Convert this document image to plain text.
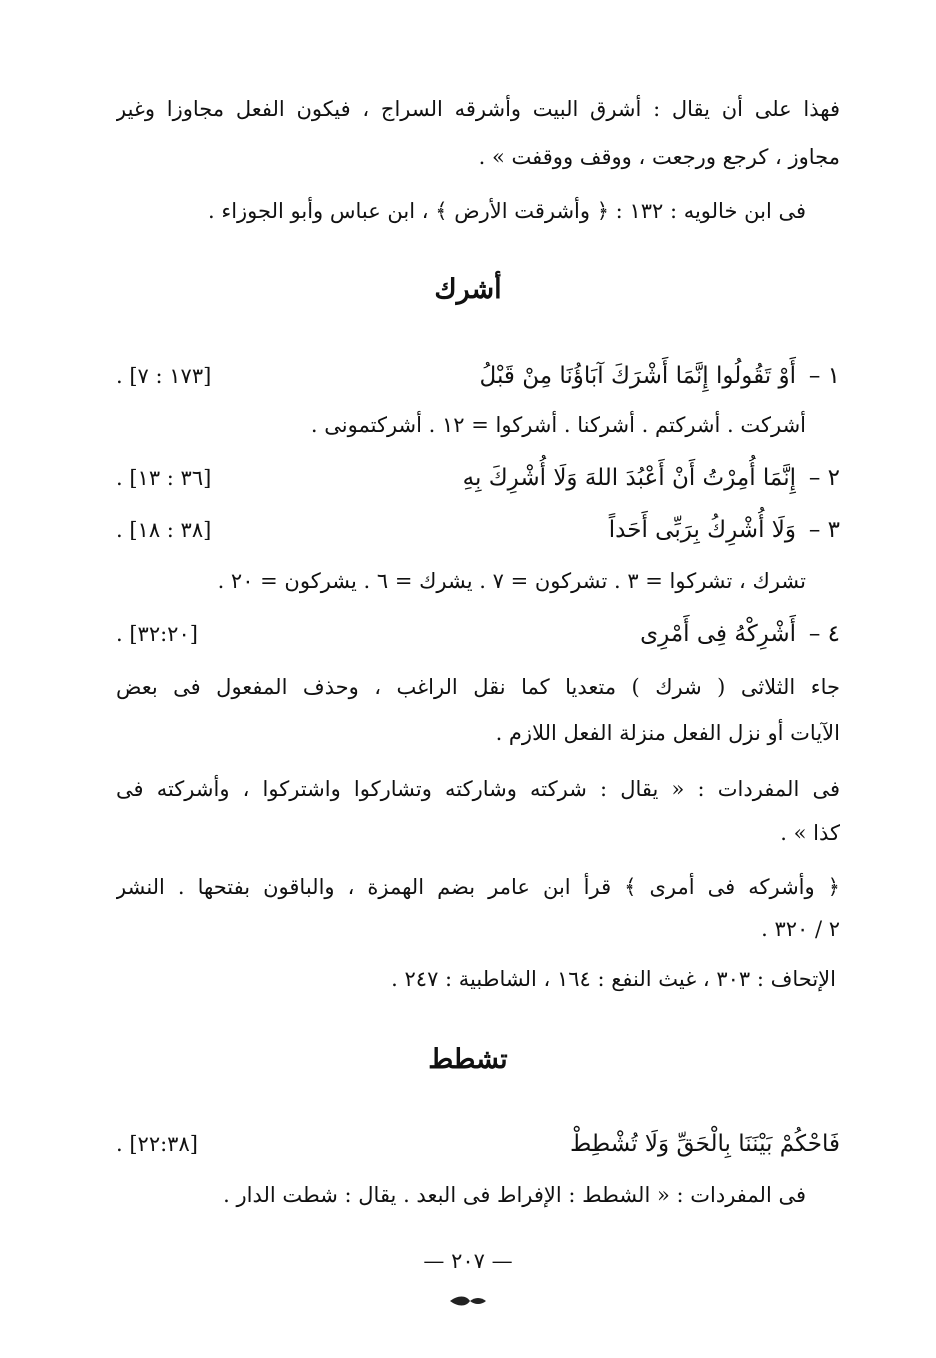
فهذا على أن يقال : أشرق البيت وأشرقه السراج ، فيكون الفعل مجاوزا وغير
مجاوز ، كرجع ورجعت ، ووقف ووقفت » .
فى ابن خالويه : ١٣٢ : ﴿ وأشرقت الأرض ﴾ ، ابن عباس وأبو الجوزاء .
أشرك
١ –
أَوْ تَقُولُوا إِنَّمَا أَشْرَكَ آبَاؤُنَا مِنْ قَبْلُ
. [١٧٣ : ٧]
أشركت . أشركتم . أشركنا . أشركوا = ١٢ . أشركتمونى .
٢ –
إِنَّمَا أُمِرْتُ أَنْ أَعْبُدَ اللهَ وَلَا أُشْرِكَ بِهِ
. [٣٦ : ١٣]
٣ –
وَلَا أُشْرِكُ بِرَبِّى أَحَداً
. [٣٨ : ١٨]
تشرك ، تشركوا = ٣ . تشركون = ٧ . يشرك = ٦ . يشركون = ٢٠ .
٤ –
أَشْرِكْهُ فِى أَمْرِى
. [٣٢:٢٠]
جاء الثلاثى ( شرك ) متعديا كما نقل الراغب ، وحذف المفعول فى بعض
الآيات أو نزل الفعل منزلة الفعل اللازم .
فى المفردات : « يقال : شركته وشاركته وتشاركوا واشتركوا ، وأشركته فى
كذا » .
﴿ وأشركه فى أمرى ﴾ قرأ ابن عامر بضم الهمزة ، والباقون بفتحها . النشر
٢ / ٣٢٠ .
الإتحاف : ٣٠٣ ، غيث النفع : ١٦٤ ، الشاطبية : ٢٤٧ .
تشطط
فَاحْكُمْ بَيْنَنَا بِالْحَقِّ وَلَا تُشْطِطْ
. [٢٢:٣٨]
فى المفردات : « الشطط : الإفراط فى البعد . يقال : شطت الدار .
— ٢٠٧ —
